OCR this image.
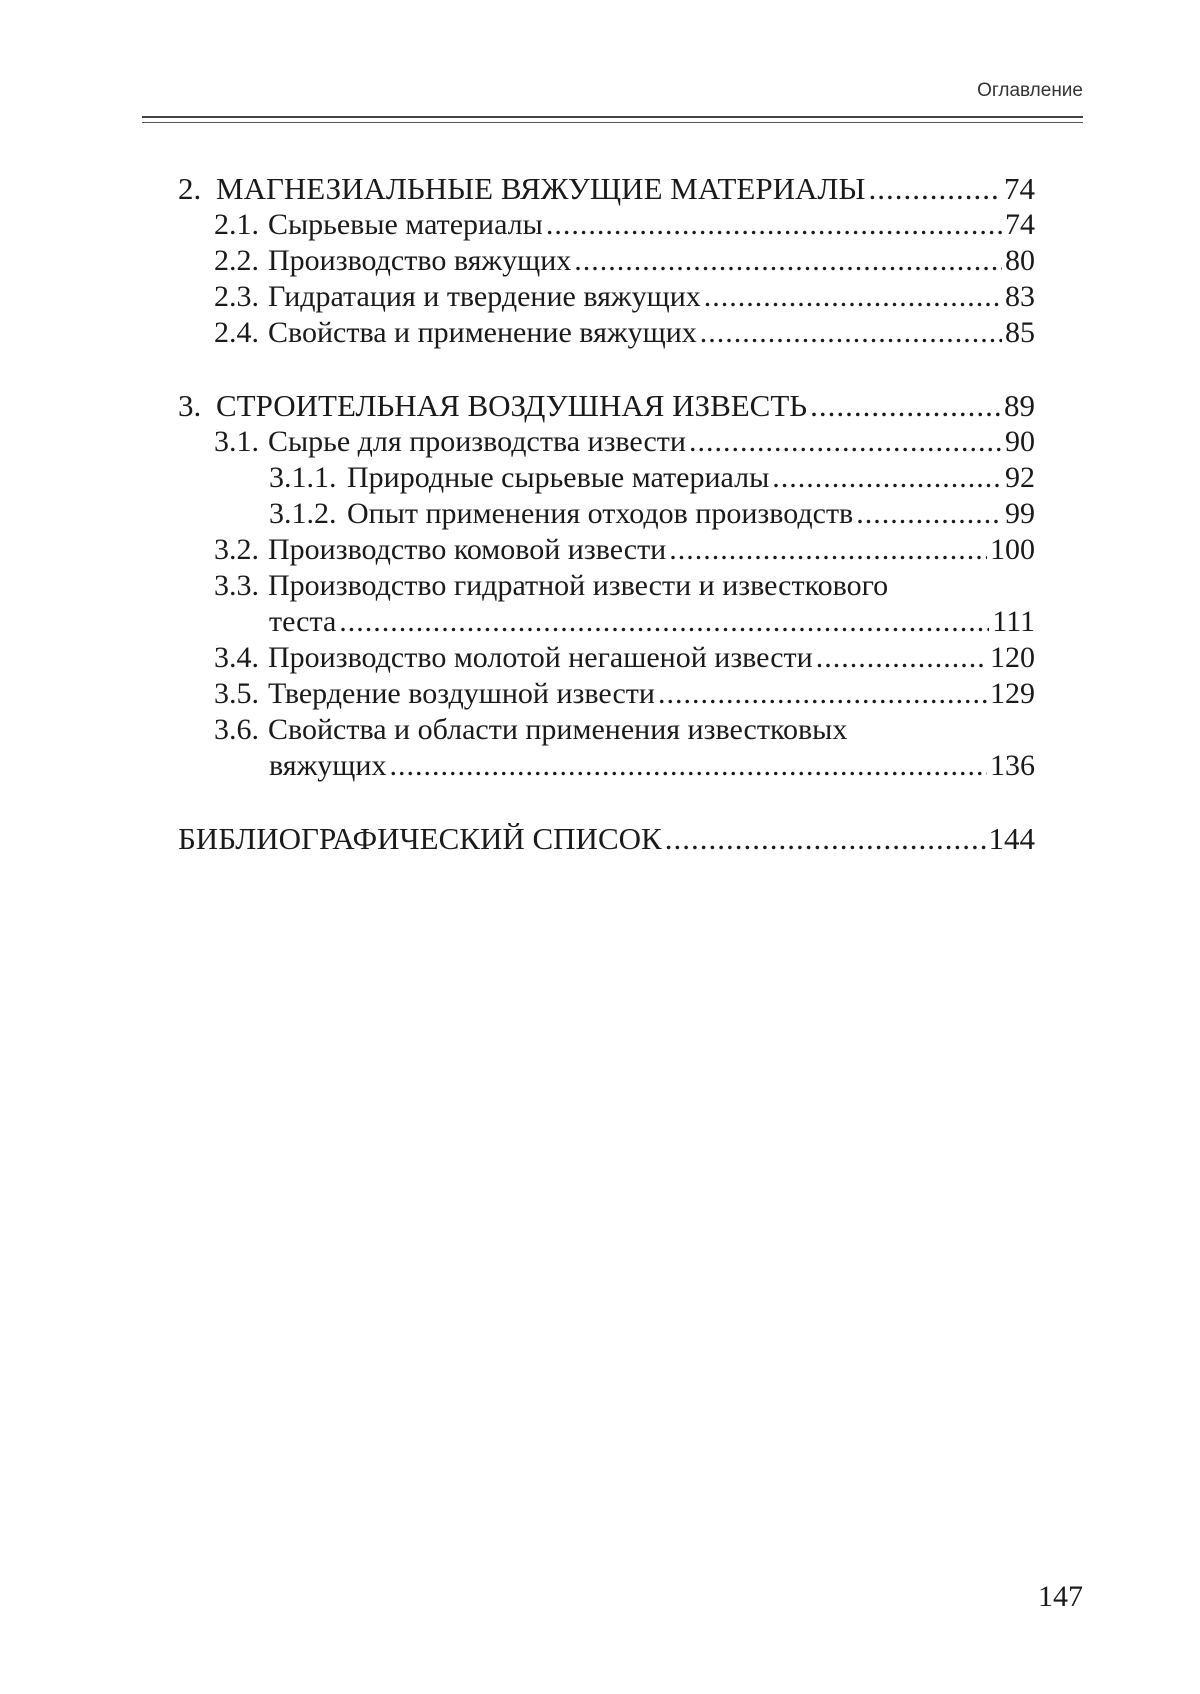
Оглавление
2. МАГНЕЗИАЛЬНЫЕ ВЯЖУЩИЕ МАТЕРИАЛЫ
.....	74
2.1. Сырьевые материалы
.....	74
2.2. Производство вяжущих
.....	80
2.3. Гидратация и твердение вяжущих
.....	83
2.4. Свойства и применение вяжущих
.....	85
3. СТРОИТЕЛЬНАЯ ВОЗДУШНАЯ ИЗВЕСТЬ
.....	89
3.1. Сырье для производства извести
.....	90
3.1.1. Природные сырьевые материалы
.....	92
3.1.2. Опыт применения отходов производств
.....	99
3.2. Производство комовой извести
.....	100
3.3. Производство гидратной извести и известкового
теста
.....	111
3.4. Производство молотой негашеной извести
.....	120
3.5. Твердение воздушной извести
.....	129
3.6. Свойства и области применения известковых
вяжущих
.....	136
БИБЛИОГРАФИЧЕСКИЙ СПИСОК
.....	144
147
